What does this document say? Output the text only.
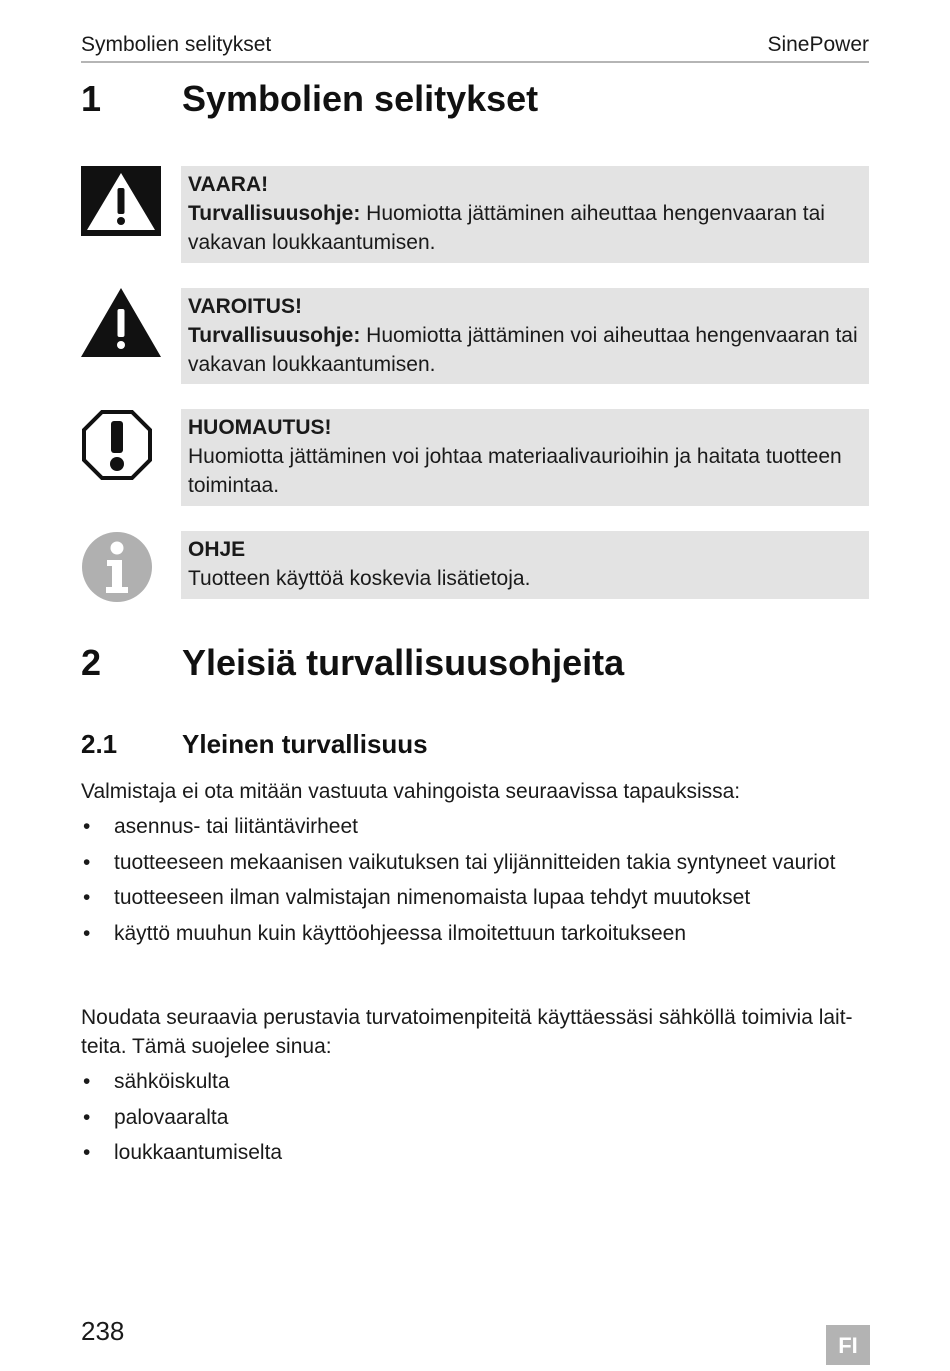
Symbolien selitykset	SinePower
1 Symbolien selitykset
VAARA!
Turvallisuusohje: Huomiotta jättäminen aiheuttaa hengenvaaran tai vakavan loukkaantumisen.
VAROITUS!
Turvallisuusohje: Huomiotta jättäminen voi aiheuttaa hengenvaaran tai vakavan loukkaantumisen.
HUOMAUTUS!
Huomiotta jättäminen voi johtaa materiaalivaurioihin ja haitata tuotteen toimintaa.
OHJE
Tuotteen käyttöä koskevia lisätietoja.
2 Yleisiä turvallisuusohjeita
2.1 Yleinen turvallisuus
Valmistaja ei ota mitään vastuuta vahingoista seuraavissa tapauksissa:
• asennus- tai liitäntävirheet
• tuotteeseen mekaanisen vaikutuksen tai ylijännitteiden takia syntyneet vauriot
• tuotteeseen ilman valmistajan nimenomaista lupaa tehdyt muutokset
• käyttö muuhun kuin käyttöohjeessa ilmoitettuun tarkoitukseen
Noudata seuraavia perustavia turvatoimenpiteitä käyttäessäsi sähköllä toimivia lait-teita. Tämä suojelee sinua:
• sähköiskulta
• palovaaralta
• loukkaantumiselta
238	FI
